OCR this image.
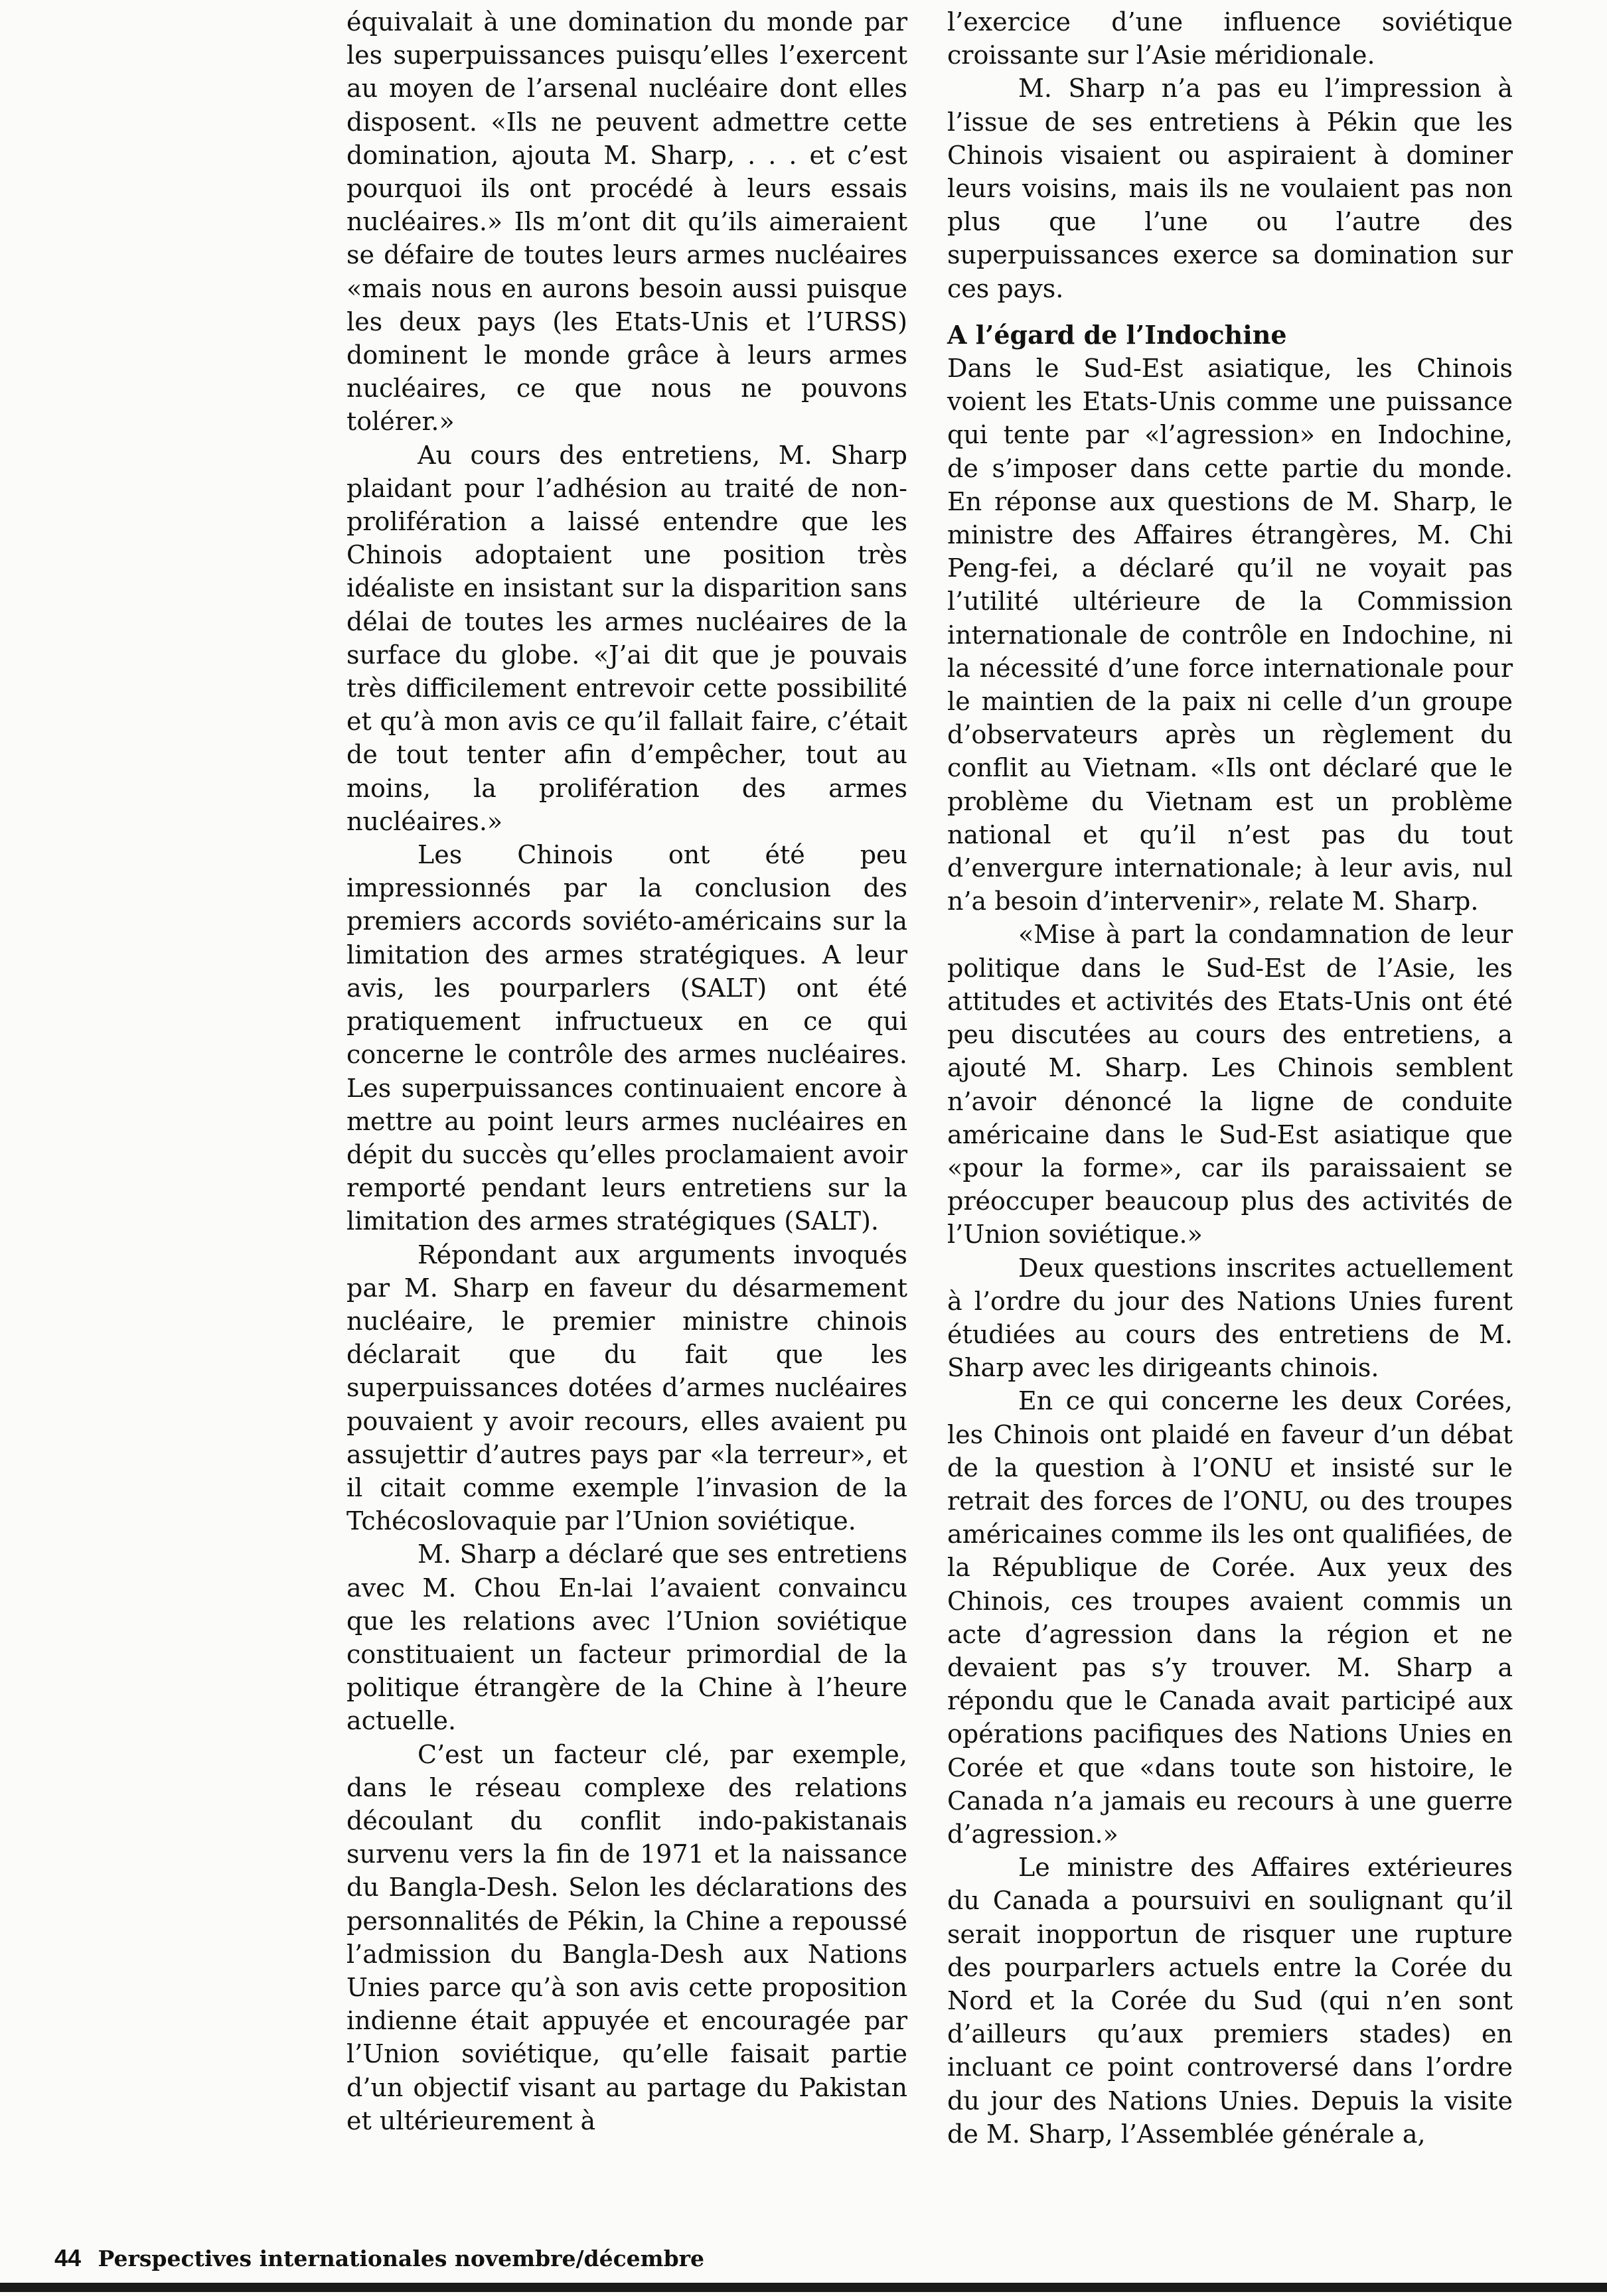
équivalait à une domination du monde par les superpuissances puisqu’elles l’exercent au moyen de l’arsenal nucléaire dont elles disposent. «Ils ne peuvent admettre cette domination, ajouta M. Sharp, . . . et c’est pourquoi ils ont procédé à leurs essais nucléaires.» Ils m’ont dit qu’ils aimeraient se défaire de toutes leurs armes nucléaires «mais nous en aurons besoin aussi puisque les deux pays (les Etats-Unis et l’URSS) dominent le monde grâce à leurs armes nucléaires, ce que nous ne pouvons tolérer.»

Au cours des entretiens, M. Sharp plaidant pour l’adhésion au traité de non-prolifération a laissé entendre que les Chinois adoptaient une position très idéaliste en insistant sur la disparition sans délai de toutes les armes nucléaires de la surface du globe. «J’ai dit que je pouvais très difficilement entrevoir cette possibilité et qu’à mon avis ce qu’il fallait faire, c’était de tout tenter afin d’empêcher, tout au moins, la prolifération des armes nucléaires.»

Les Chinois ont été peu impressionnés par la conclusion des premiers accords soviéto-américains sur la limitation des armes stratégiques. A leur avis, les pourparlers (SALT) ont été pratiquement infructueux en ce qui concerne le contrôle des armes nucléaires. Les superpuissances continuaient encore à mettre au point leurs armes nucléaires en dépit du succès qu’elles proclamaient avoir remporté pendant leurs entretiens sur la limitation des armes stratégiques (SALT).

Répondant aux arguments invoqués par M. Sharp en faveur du désarmement nucléaire, le premier ministre chinois déclarait que du fait que les superpuissances dotées d’armes nucléaires pouvaient y avoir recours, elles avaient pu assujettir d’autres pays par «la terreur», et il citait comme exemple l’invasion de la Tchécoslovaquie par l’Union soviétique.

M. Sharp a déclaré que ses entretiens avec M. Chou En-lai l’avaient convaincu que les relations avec l’Union soviétique constituaient un facteur primordial de la politique étrangère de la Chine à l’heure actuelle.

C’est un facteur clé, par exemple, dans le réseau complexe des relations découlant du conflit indo-pakistanais survenu vers la fin de 1971 et la naissance du Bangla-Desh. Selon les déclarations des personnalités de Pékin, la Chine a repoussé l’admission du Bangla-Desh aux Nations Unies parce qu’à son avis cette proposition indienne était appuyée et encouragée par l’Union soviétique, qu’elle faisait partie d’un objectif visant au partage du Pakistan et ultérieurement à

l’exercice d’une influence soviétique croissante sur l’Asie méridionale.

M. Sharp n’a pas eu l’impression à l’issue de ses entretiens à Pékin que les Chinois visaient ou aspiraient à dominer leurs voisins, mais ils ne voulaient pas non plus que l’une ou l’autre des superpuissances exerce sa domination sur ces pays.

A l’égard de l’Indochine

Dans le Sud-Est asiatique, les Chinois voient les Etats-Unis comme une puissance qui tente par «l’agression» en Indochine, de s’imposer dans cette partie du monde. En réponse aux questions de M. Sharp, le ministre des Affaires étrangères, M. Chi Peng-fei, a déclaré qu’il ne voyait pas l’utilité ultérieure de la Commission internationale de contrôle en Indochine, ni la nécessité d’une force internationale pour le maintien de la paix ni celle d’un groupe d’observateurs après un règlement du conflit au Vietnam. «Ils ont déclaré que le problème du Vietnam est un problème national et qu’il n’est pas du tout d’envergure internationale; à leur avis, nul n’a besoin d’intervenir», relate M. Sharp.

«Mise à part la condamnation de leur politique dans le Sud-Est de l’Asie, les attitudes et activités des Etats-Unis ont été peu discutées au cours des entretiens, a ajouté M. Sharp. Les Chinois semblent n’avoir dénoncé la ligne de conduite américaine dans le Sud-Est asiatique que «pour la forme», car ils paraissaient se préoccuper beaucoup plus des activités de l’Union soviétique.»

Deux questions inscrites actuellement à l’ordre du jour des Nations Unies furent étudiées au cours des entretiens de M. Sharp avec les dirigeants chinois.

En ce qui concerne les deux Corées, les Chinois ont plaidé en faveur d’un débat de la question à l’ONU et insisté sur le retrait des forces de l’ONU, ou des troupes américaines comme ils les ont qualifiées, de la République de Corée. Aux yeux des Chinois, ces troupes avaient commis un acte d’agression dans la région et ne devaient pas s’y trouver. M. Sharp a répondu que le Canada avait participé aux opérations pacifiques des Nations Unies en Corée et que «dans toute son histoire, le Canada n’a jamais eu recours à une guerre d’agression.»

Le ministre des Affaires extérieures du Canada a poursuivi en soulignant qu’il serait inopportun de risquer une rupture des pourparlers actuels entre la Corée du Nord et la Corée du Sud (qui n’en sont d’ailleurs qu’aux premiers stades) en incluant ce point controversé dans l’ordre du jour des Nations Unies. Depuis la visite de M. Sharp, l’Assemblée générale a,

44 Perspectives internationales novembre/décembre
